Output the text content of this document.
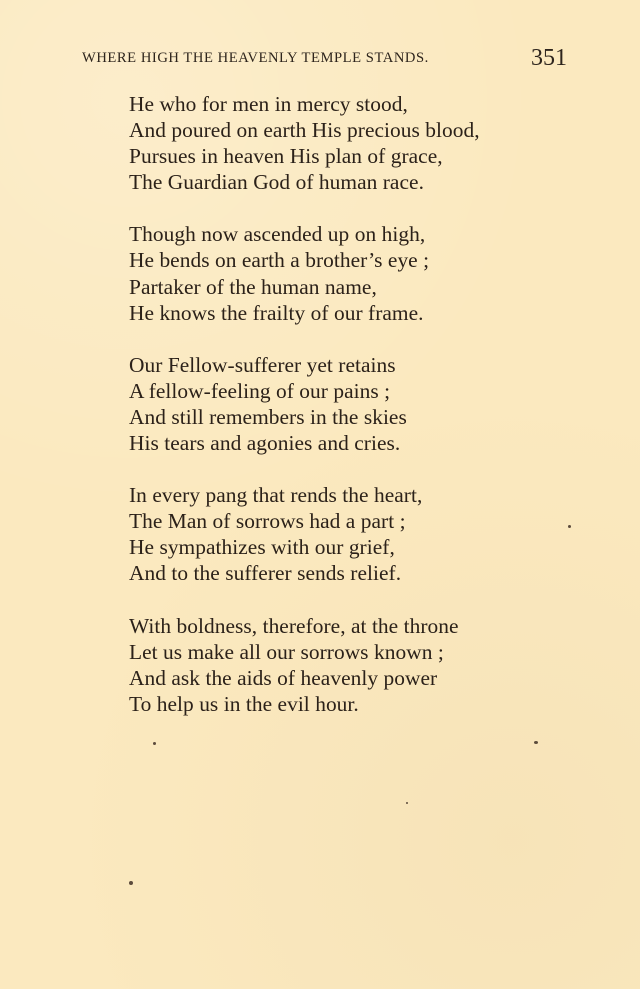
WHERE HIGH THE HEAVENLY TEMPLE STANDS.	351
He who for men in mercy stood,
And poured on earth His precious blood,
Pursues in heaven His plan of grace,
The Guardian God of human race.
Though now ascended up on high,
He bends on earth a brother’s eye ;
Partaker of the human name,
He knows the frailty of our frame.
Our Fellow-sufferer yet retains
A fellow-feeling of our pains ;
And still remembers in the skies
His tears and agonies and cries.
In every pang that rends the heart,
The Man of sorrows had a part ;
He sympathizes with our grief,
And to the sufferer sends relief.
With boldness, therefore, at the throne
Let us make all our sorrows known ;
And ask the aids of heavenly power
To help us in the evil hour.
